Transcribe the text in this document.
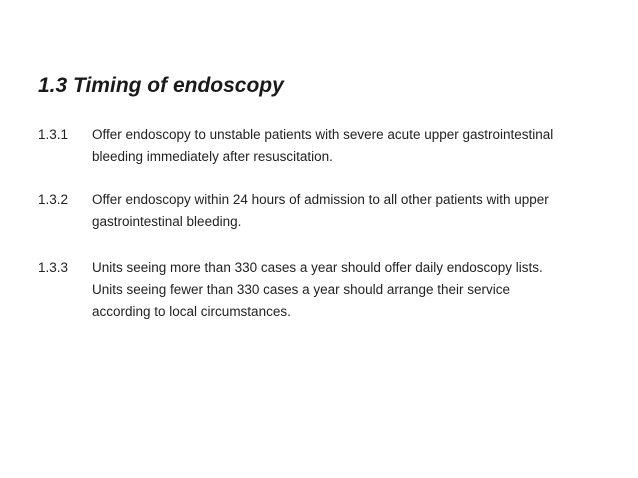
1.3 Timing of endoscopy
1.3.1	Offer endoscopy to unstable patients with severe acute upper gastrointestinal
bleeding immediately after resuscitation.
1.3.2	Offer endoscopy within 24 hours of admission to all other patients with upper
gastrointestinal bleeding.
1.3.3	Units seeing more than 330 cases a year should offer daily endoscopy lists.
Units seeing fewer than 330 cases a year should arrange their service
according to local circumstances.
